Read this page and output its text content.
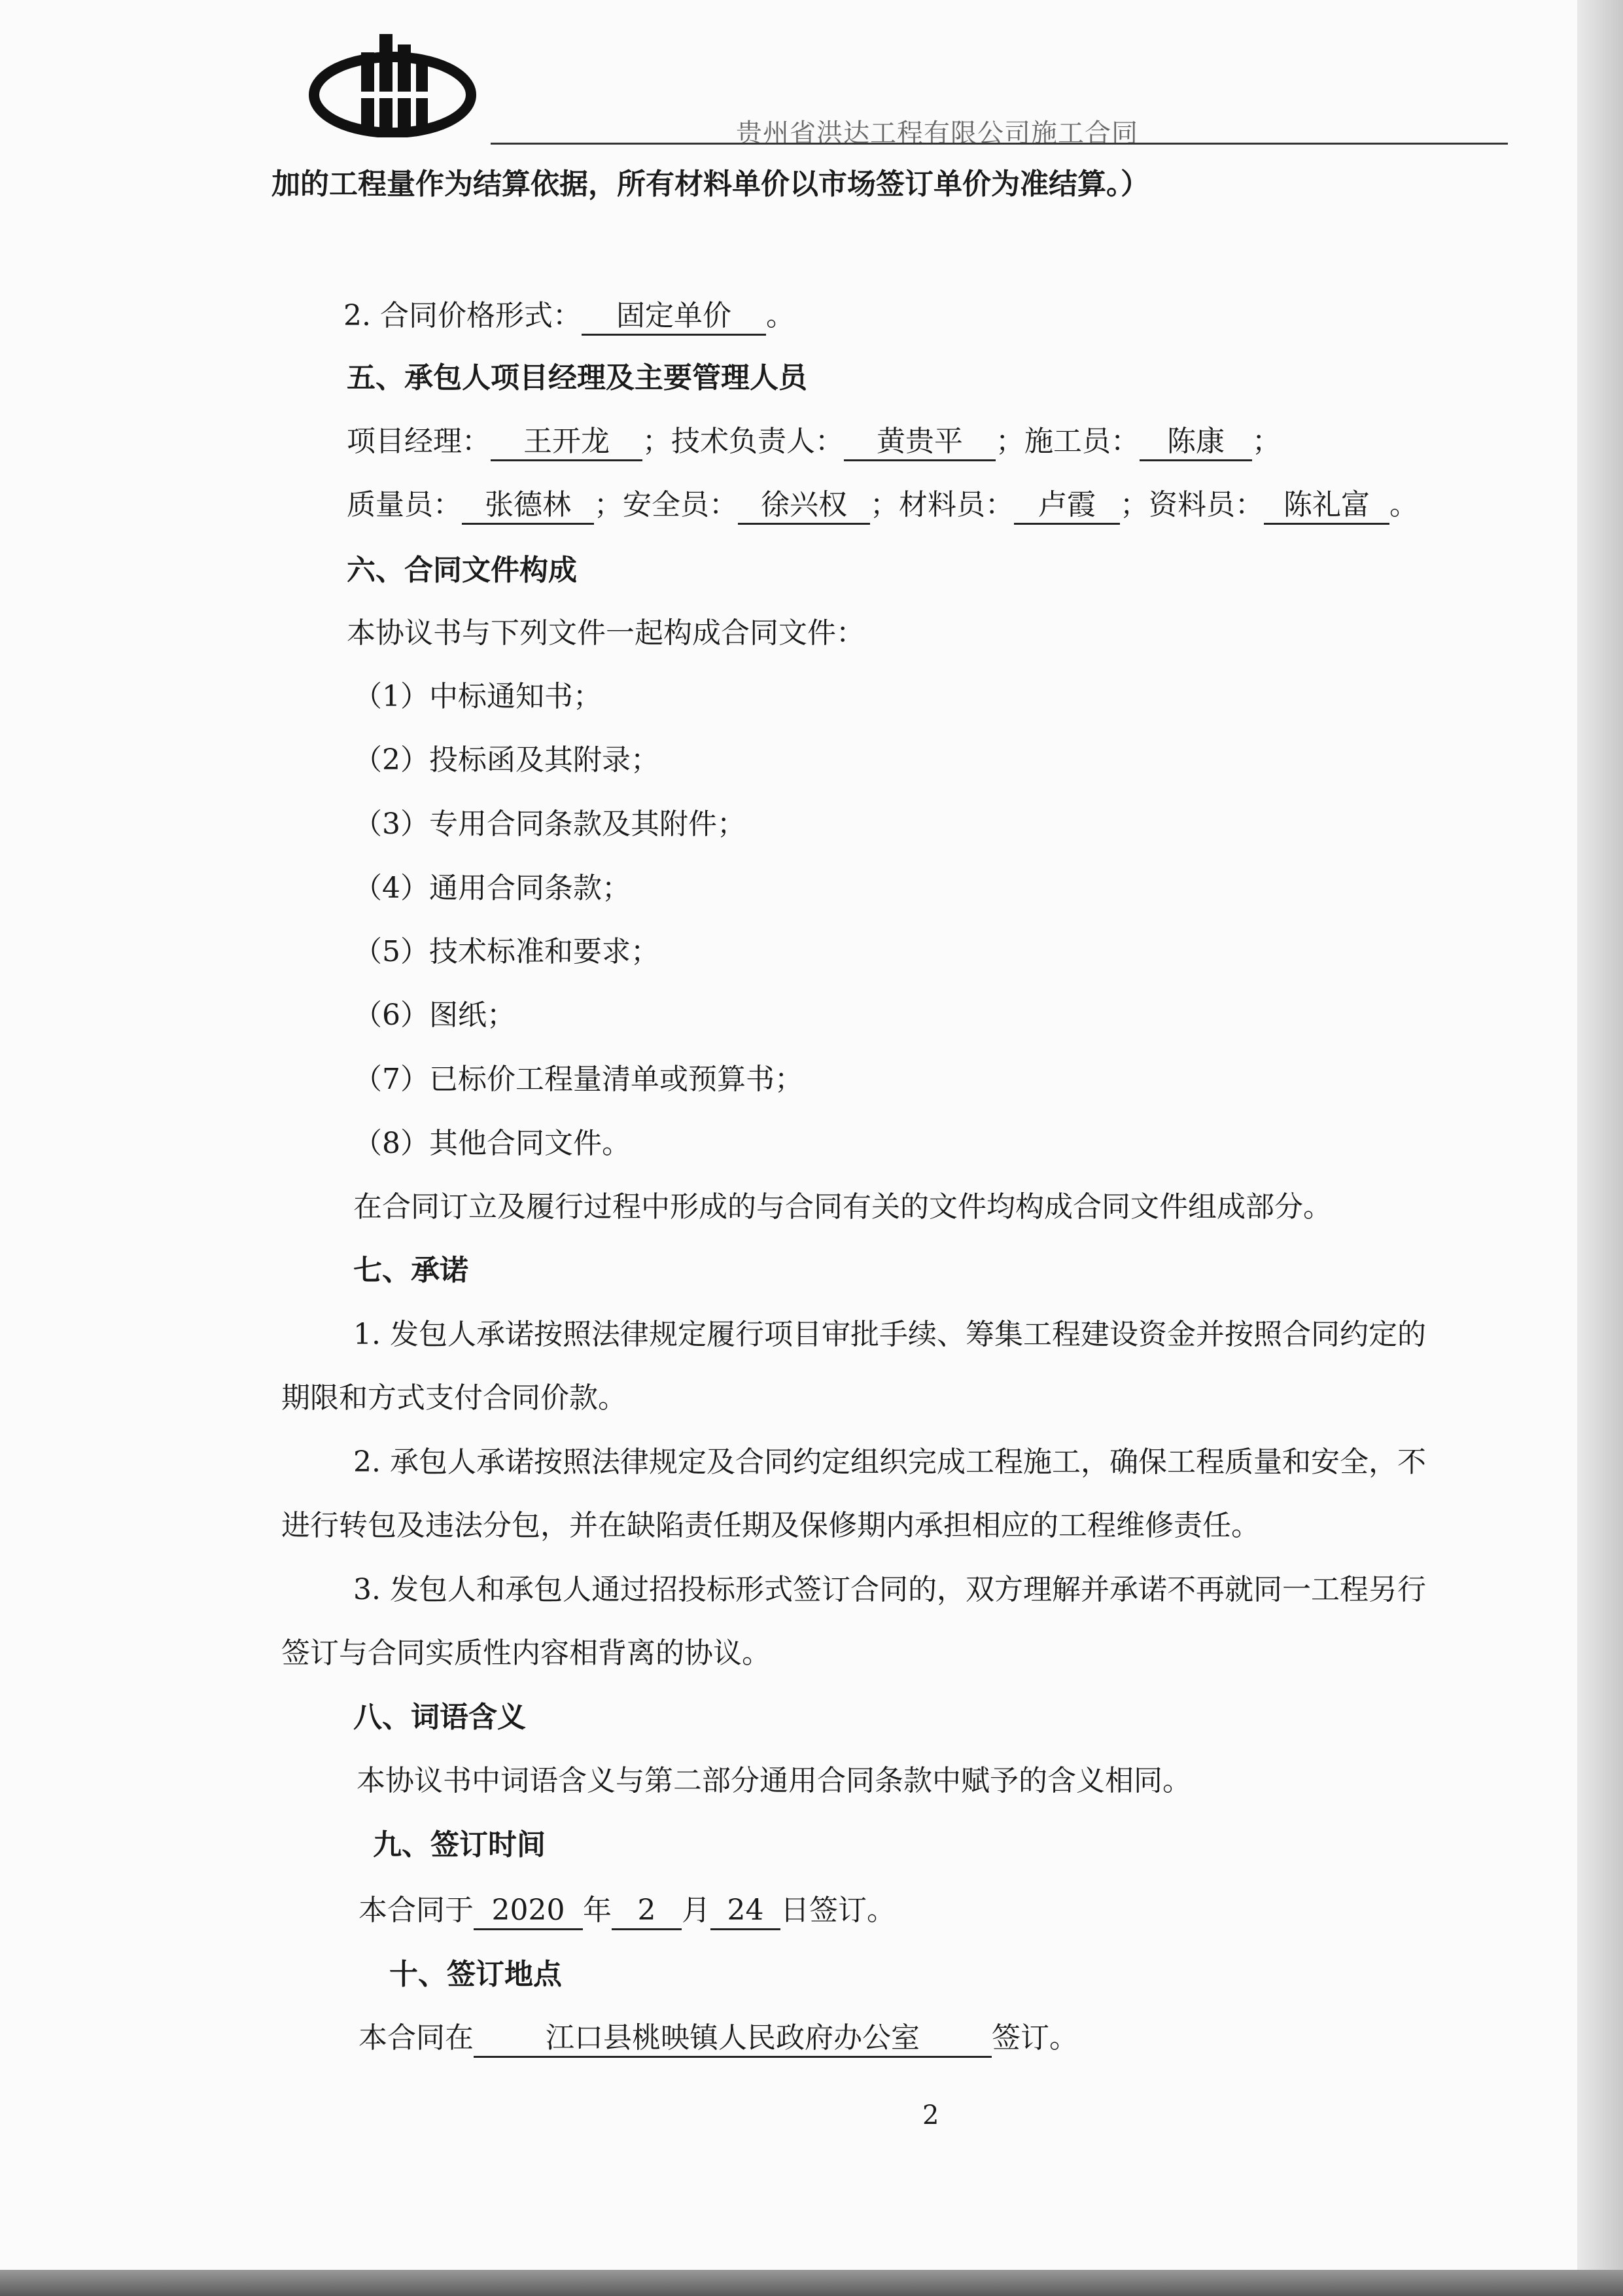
贵州省洪达工程有限公司施工合同
加的工程量作为结算依据，所有材料单价以市场签订单价为准结算。）
2. 合同价格形式： 固定单价 。
五、承包人项目经理及主要管理人员
项目经理： 王开龙 ；技术负责人： 黄贵平 ；施工员： 陈康 ；
质量员： 张德林 ；安全员： 徐兴权 ；材料员： 卢霞 ；资料员： 陈礼富 。
六、合同文件构成
本协议书与下列文件一起构成合同文件：
（1）中标通知书；
（2）投标函及其附录；
（3）专用合同条款及其附件；
（4）通用合同条款；
（5）技术标准和要求；
（6）图纸；
（7）已标价工程量清单或预算书；
（8）其他合同文件。
在合同订立及履行过程中形成的与合同有关的文件均构成合同文件组成部分。
七、承诺
1. 发包人承诺按照法律规定履行项目审批手续、筹集工程建设资金并按照合同约定的
期限和方式支付合同价款。
2. 承包人承诺按照法律规定及合同约定组织完成工程施工，确保工程质量和安全，不
进行转包及违法分包，并在缺陷责任期及保修期内承担相应的工程维修责任。
3. 发包人和承包人通过招投标形式签订合同的，双方理解并承诺不再就同一工程另行
签订与合同实质性内容相背离的协议。
八、词语含义
本协议书中词语含义与第二部分通用合同条款中赋予的含义相同。
九、签订时间
本合同于 2020 年 2 月 24 日签订。
十、签订地点
本合同在	江口县桃映镇人民政府办公室	签订。
2
